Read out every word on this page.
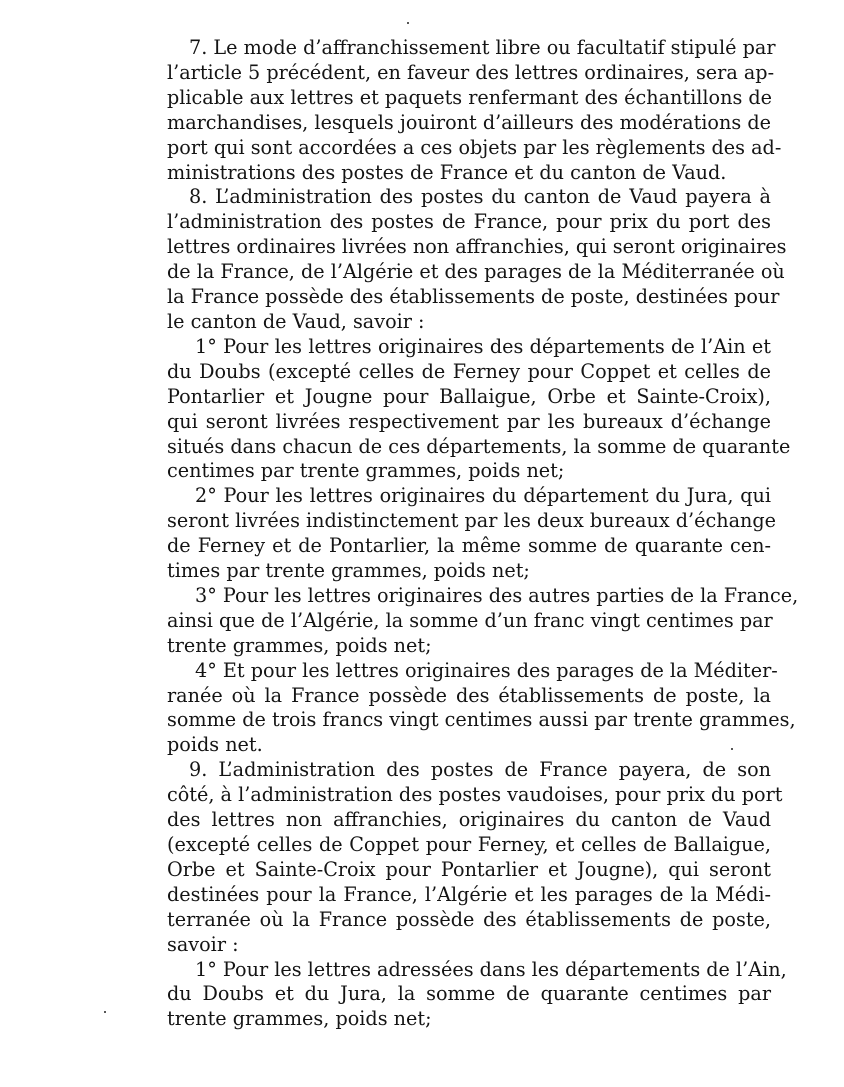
7. Le mode d’affranchissement libre ou facultatif stipulé par
l’article 5 précédent, en faveur des lettres ordinaires, sera ap-
plicable aux lettres et paquets renfermant des échantillons de
marchandises, lesquels jouiront d’ailleurs des modérations de
port qui sont accordées a ces objets par les règlements des ad-
ministrations des postes de France et du canton de Vaud.

8. L’administration des postes du canton de Vaud payera à
l’administration des postes de France, pour prix du port des
lettres ordinaires livrées non affranchies, qui seront originaires
de la France, de l’Algérie et des parages de la Méditerranée où
la France possède des établissements de poste, destinées pour
le canton de Vaud, savoir :

1° Pour les lettres originaires des départements de l’Ain et
du Doubs (excepté celles de Ferney pour Coppet et celles de
Pontarlier et Jougne pour Ballaigue, Orbe et Sainte-Croix),
qui seront livrées respectivement par les bureaux d’échange
situés dans chacun de ces départements, la somme de quarante
centimes par trente grammes, poids net;

2° Pour les lettres originaires du département du Jura, qui
seront livrées indistinctement par les deux bureaux d’échange
de Ferney et de Pontarlier, la même somme de quarante cen-
times par trente grammes, poids net;

3° Pour les lettres originaires des autres parties de la France,
ainsi que de l’Algérie, la somme d’un franc vingt centimes par
trente grammes, poids net;

4° Et pour les lettres originaires des parages de la Méditer-
ranée où la France possède des établissements de poste, la
somme de trois francs vingt centimes aussi par trente grammes,
poids net.

9. L’administration des postes de France payera, de son
côté, à l’administration des postes vaudoises, pour prix du port
des lettres non affranchies, originaires du canton de Vaud
(excepté celles de Coppet pour Ferney, et celles de Ballaigue,
Orbe et Sainte-Croix pour Pontarlier et Jougne), qui seront
destinées pour la France, l’Algérie et les parages de la Médi-
terranée où la France possède des établissements de poste,
savoir :

1° Pour les lettres adressées dans les départements de l’Ain,
du Doubs et du Jura, la somme de quarante centimes par
trente grammes, poids net;
